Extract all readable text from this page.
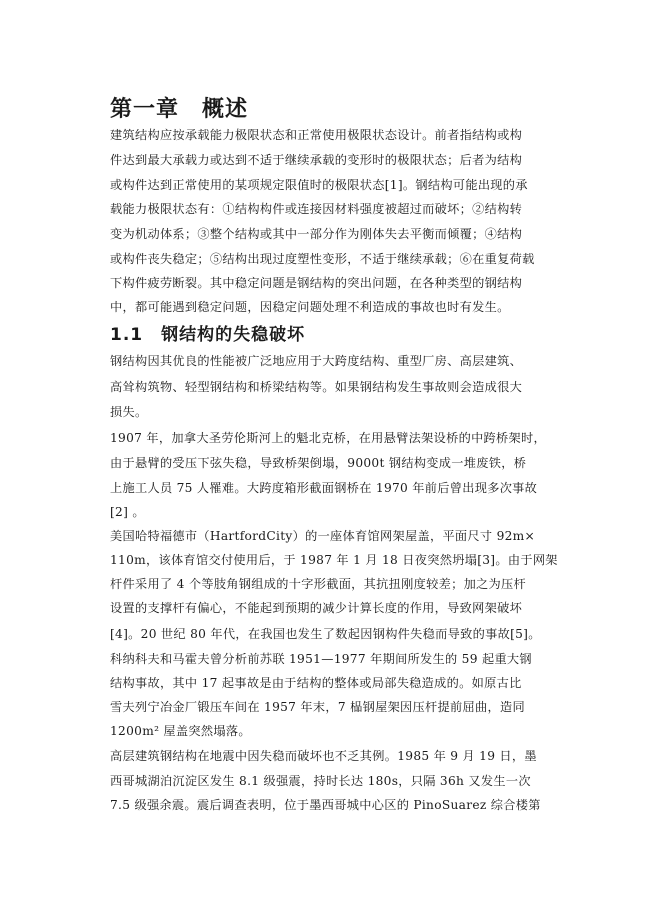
第一章　概述
建筑结构应按承载能力极限状态和正常使用极限状态设计。前者指结构或构
件达到最大承载力或达到不适于继续承载的变形时的极限状态；后者为结构
或构件达到正常使用的某项规定限值时的极限状态[1]。钢结构可能出现的承
载能力极限状态有：①结构构件或连接因材料强度被超过而破坏；②结构转
变为机动体系；③整个结构或其中一部分作为刚体失去平衡而倾覆；④结构
或构件丧失稳定；⑤结构出现过度塑性变形，不适于继续承载；⑥在重复荷载
下构件疲劳断裂。其中稳定问题是钢结构的突出问题，在各种类型的钢结构
中，都可能遇到稳定问题，因稳定问题处理不利造成的事故也时有发生。
1.1　钢结构的失稳破坏
钢结构因其优良的性能被广泛地应用于大跨度结构、重型厂房、高层建筑、
高耸构筑物、轻型钢结构和桥梁结构等。如果钢结构发生事故则会造成很大
损失。
1907 年，加拿大圣劳伦斯河上的魁北克桥，在用悬臂法架设桥的中跨桥架时，
由于悬臂的受压下弦失稳，导致桥架倒塌，9000t 钢结构变成一堆废铁，桥
上施工人员 75 人罹难。大跨度箱形截面钢桥在 1970 年前后曾出现多次事故
[2] 。
美国哈特福德市（HartfordCity）的一座体育馆网架屋盖，平面尺寸 92m×
110m，该体育馆交付使用后，于 1987 年 1 月 18 日夜突然坍塌[3]。由于网架
杆件采用了 4 个等肢角钢组成的十字形截面，其抗扭刚度较差；加之为压杆
设置的支撑杆有偏心，不能起到预期的减少计算长度的作用，导致网架破坏
[4]。20 世纪 80 年代，在我国也发生了数起因钢构件失稳而导致的事故[5]。
科纳科夫和马霍夫曾分析前苏联 1951—1977 年期间所发生的 59 起重大钢
结构事故，其中 17 起事故是由于结构的整体或局部失稳造成的。如原古比
雪夫列宁冶金厂锻压车间在 1957 年末，7 榀钢屋架因压杆提前屈曲，造同
1200m² 屋盖突然塌落。
高层建筑钢结构在地震中因失稳而破坏也不乏其例。1985 年 9 月 19 日，墨
西哥城湖泊沉淀区发生 8.1 级强震，持时长达 180s，只隔 36h 又发生一次
7.5 级强余震。震后调查表明，位于墨西哥城中心区的 PinoSuarez 综合楼第
